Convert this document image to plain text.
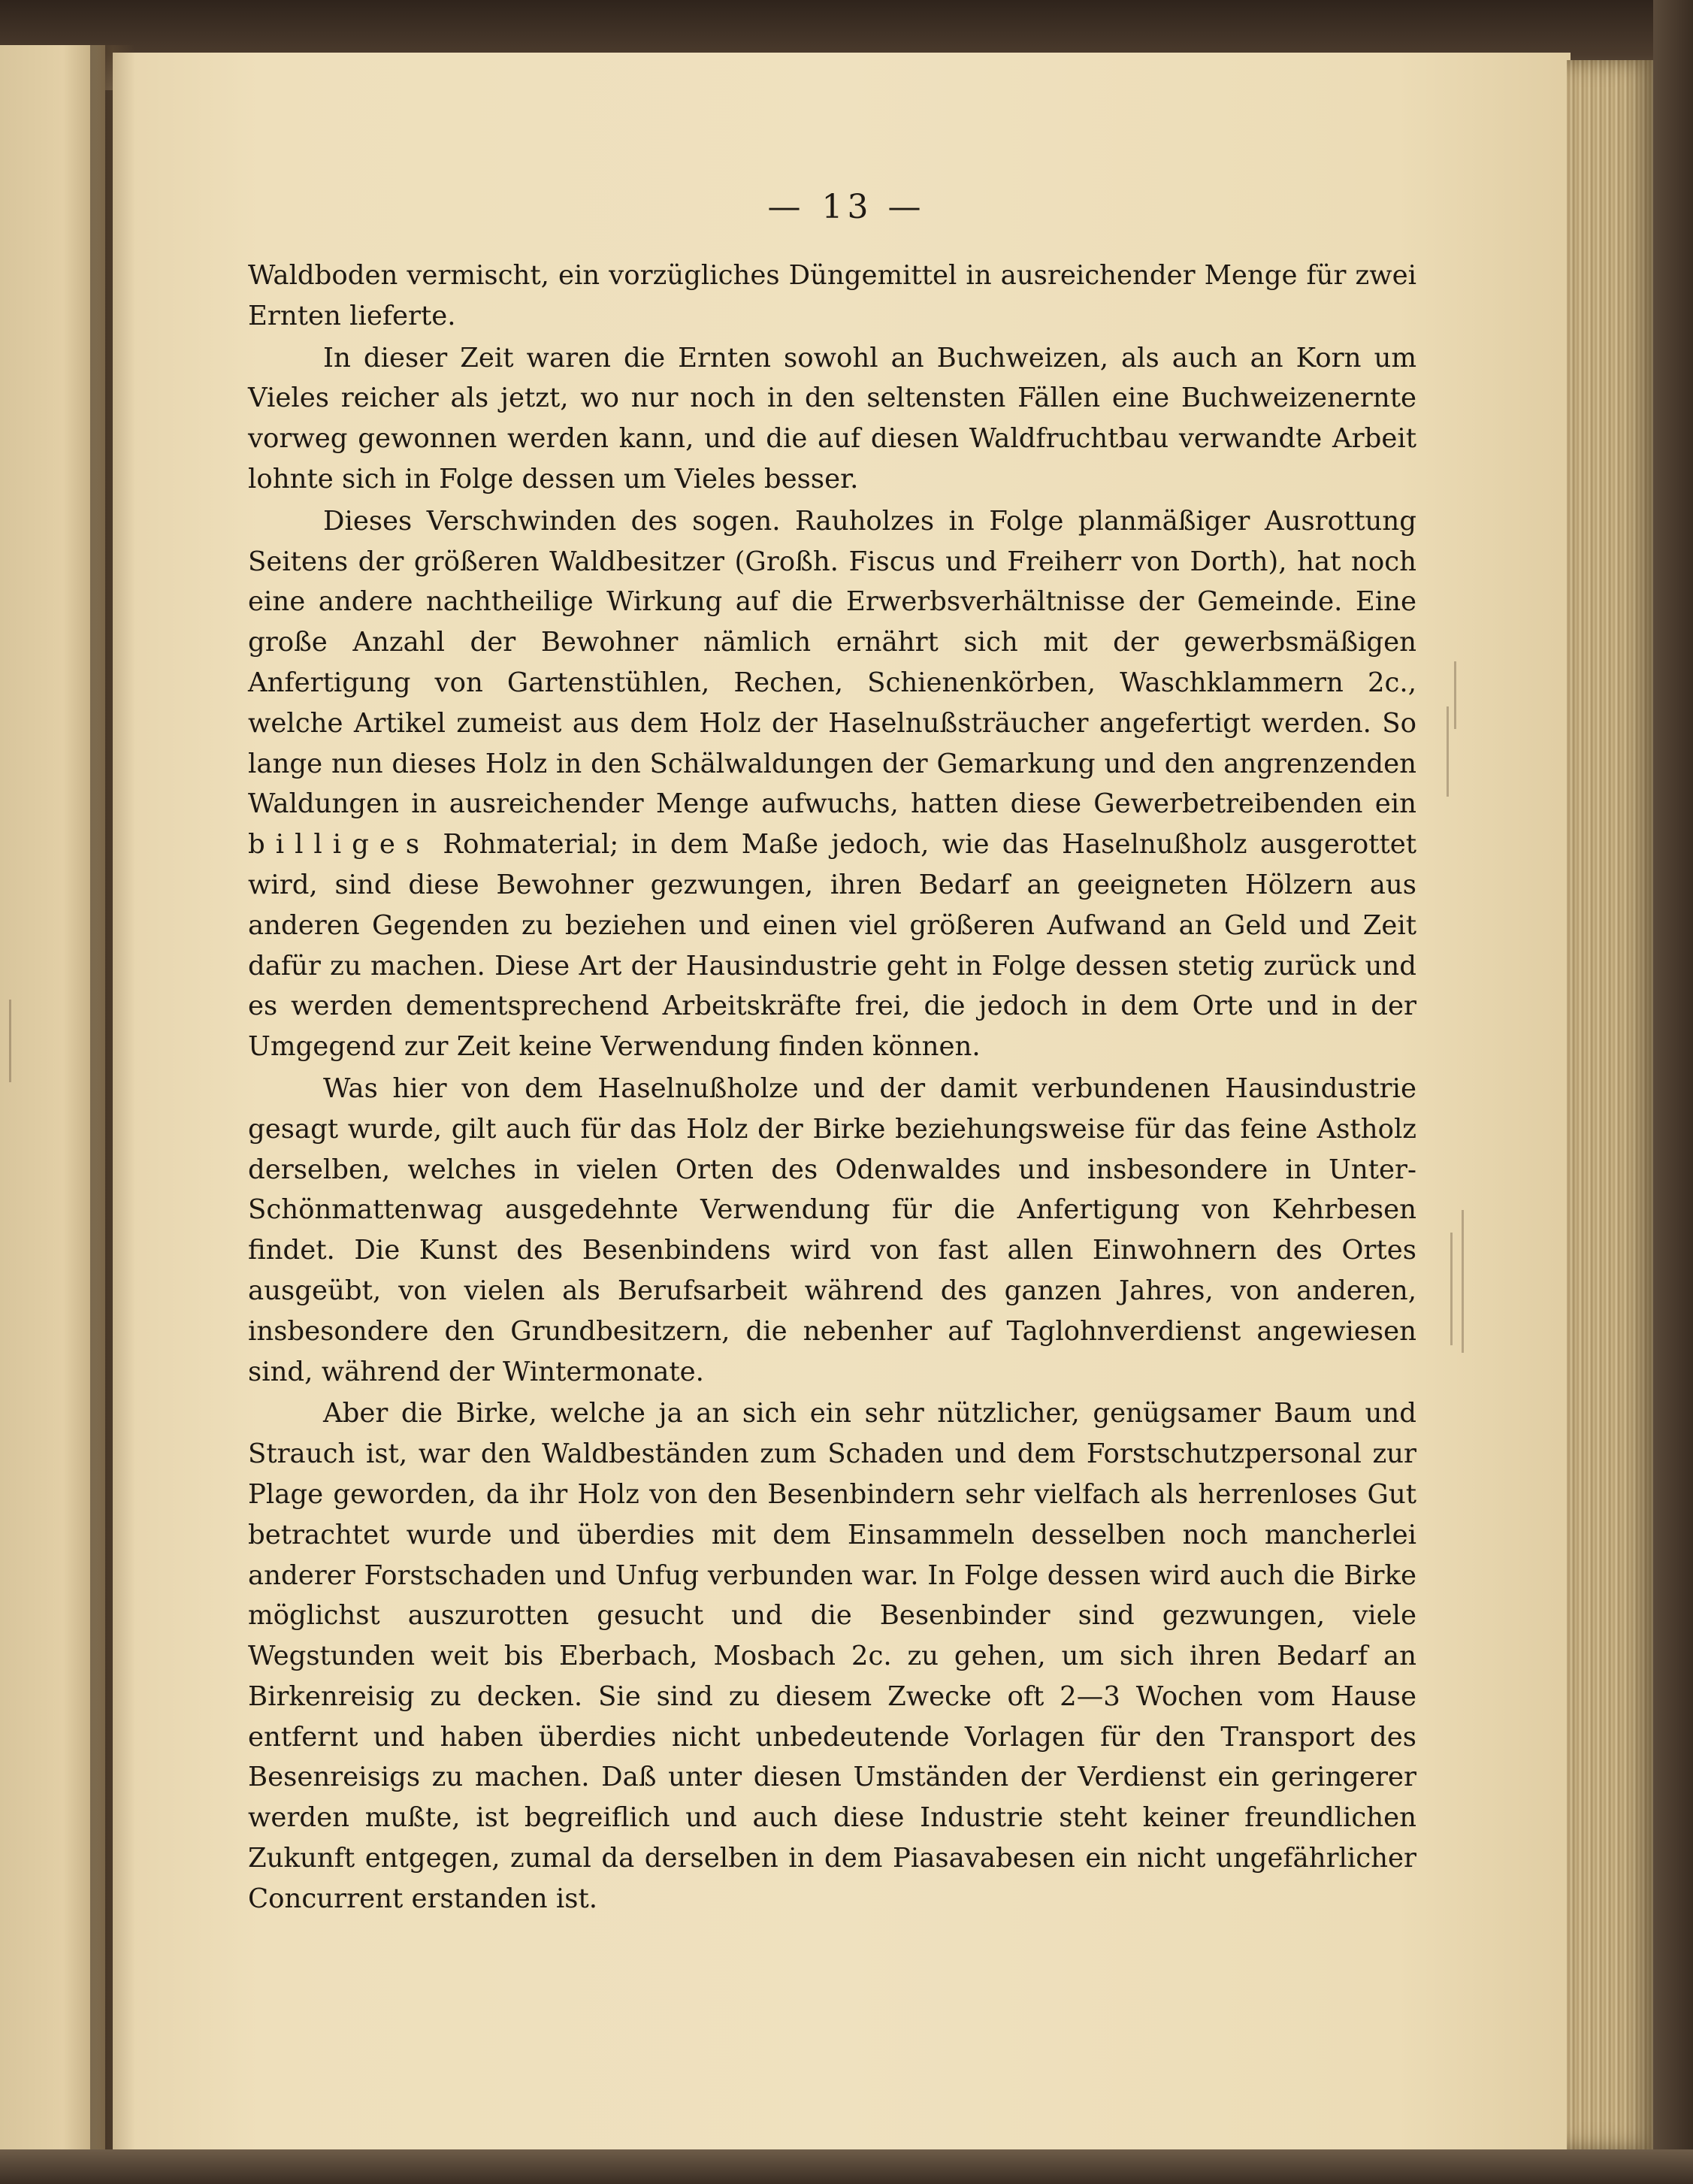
— 13 —

Waldboden vermischt, ein vorzügliches Düngemittel in ausreichender Menge für zwei Ernten lieferte.

In dieser Zeit waren die Ernten sowohl an Buchweizen, als auch an Korn um Vieles reicher als jetzt, wo nur noch in den seltensten Fällen eine Buchweizenernte vorweg gewonnen werden kann, und die auf diesen Waldfruchtbau verwandte Arbeit lohnte sich in Folge dessen um Vieles besser.

Dieses Verschwinden des sogen. Rauholzes in Folge planmäßiger Ausrottung Seitens der größeren Waldbesitzer (Großh. Fiscus und Freiherr von Dorth), hat noch eine andere nachtheilige Wirkung auf die Erwerbsverhältnisse der Gemeinde. Eine große Anzahl der Bewohner nämlich ernährt sich mit der gewerbsmäßigen Anfertigung von Gartenstühlen, Rechen, Schienenkörben, Waschklammern 2c., welche Artikel zumeist aus dem Holz der Haselnußsträucher angefertigt werden. So lange nun dieses Holz in den Schälwaldungen der Gemarkung und den angrenzenden Waldungen in ausreichender Menge aufwuchs, hatten diese Gewerbetreibenden ein billiges Rohmaterial; in dem Maße jedoch, wie das Haselnußholz ausgerottet wird, sind diese Bewohner gezwungen, ihren Bedarf an geeigneten Hölzern aus anderen Gegenden zu beziehen und einen viel größeren Aufwand an Geld und Zeit dafür zu machen. Diese Art der Hausindustrie geht in Folge dessen stetig zurück und es werden dementsprechend Arbeitskräfte frei, die jedoch in dem Orte und in der Umgegend zur Zeit keine Verwendung finden können.

Was hier von dem Haselnußholze und der damit verbundenen Hausindustrie gesagt wurde, gilt auch für das Holz der Birke beziehungsweise für das feine Astholz derselben, welches in vielen Orten des Odenwaldes und insbesondere in Unter-Schönmattenwag ausgedehnte Verwendung für die Anfertigung von Kehrbesen findet. Die Kunst des Besenbindens wird von fast allen Einwohnern des Ortes ausgeübt, von vielen als Berufsarbeit während des ganzen Jahres, von anderen, insbesondere den Grundbesitzern, die nebenher auf Taglohnverdienst angewiesen sind, während der Wintermonate.

Aber die Birke, welche ja an sich ein sehr nützlicher, genügsamer Baum und Strauch ist, war den Waldbeständen zum Schaden und dem Forstschutzpersonal zur Plage geworden, da ihr Holz von den Besenbindern sehr vielfach als herrenloses Gut betrachtet wurde und überdies mit dem Einsammeln desselben noch mancherlei anderer Forstschaden und Unfug verbunden war. In Folge dessen wird auch die Birke möglichst auszurotten gesucht und die Besenbinder sind gezwungen, viele Wegstunden weit bis Eberbach, Mosbach 2c. zu gehen, um sich ihren Bedarf an Birkenreisig zu decken. Sie sind zu diesem Zwecke oft 2—3 Wochen vom Hause entfernt und haben überdies nicht unbedeutende Vorlagen für den Transport des Besenreisigs zu machen. Daß unter diesen Umständen der Verdienst ein geringerer werden mußte, ist begreiflich und auch diese Industrie steht keiner freundlichen Zukunft entgegen, zumal da derselben in dem Piasavabesen ein nicht ungefährlicher Concurrent erstanden ist.
